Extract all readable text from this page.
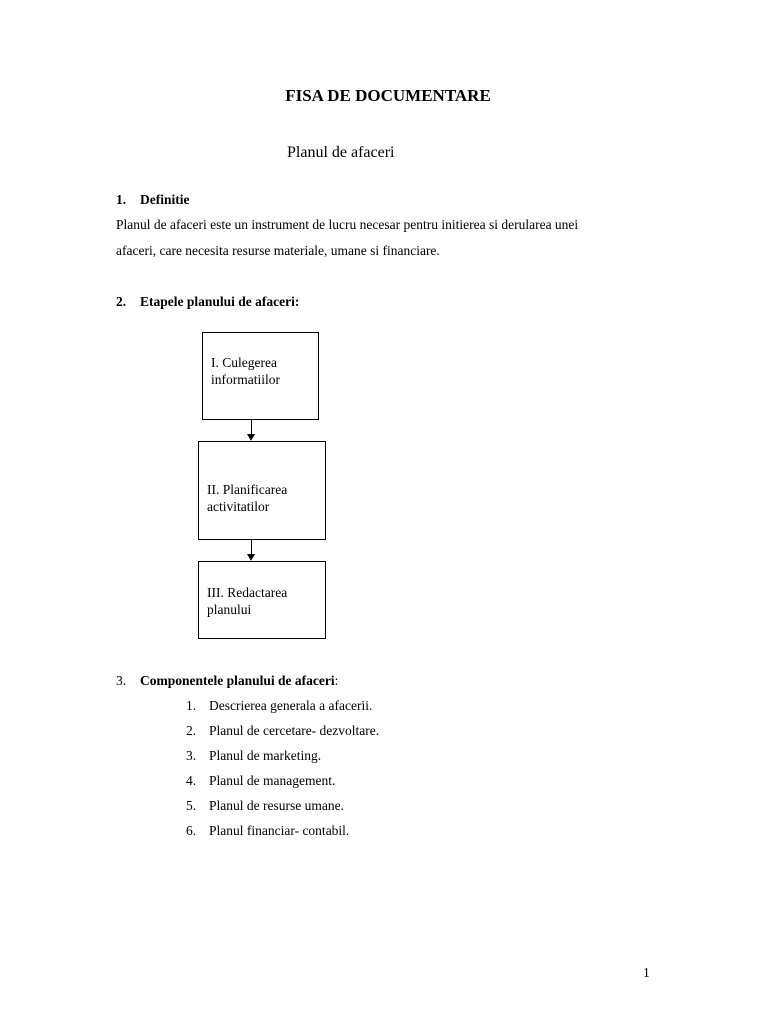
FISA DE DOCUMENTARE
Planul de afaceri
1. Definitie
Planul de afaceri este un instrument de lucru necesar pentru initierea si derularea unei
afaceri, care necesita resurse materiale, umane si financiare.
2. Etapele planului de afaceri:
I. Culegerea
informatiilor
II. Planificarea
activitatilor
III. Redactarea
planului
3. Componentele planului de afaceri:
1. Descrierea generala a afacerii.
2. Planul de cercetare- dezvoltare.
3. Planul de marketing.
4. Planul de management.
5. Planul de resurse umane.
6. Planul financiar- contabil.
1
